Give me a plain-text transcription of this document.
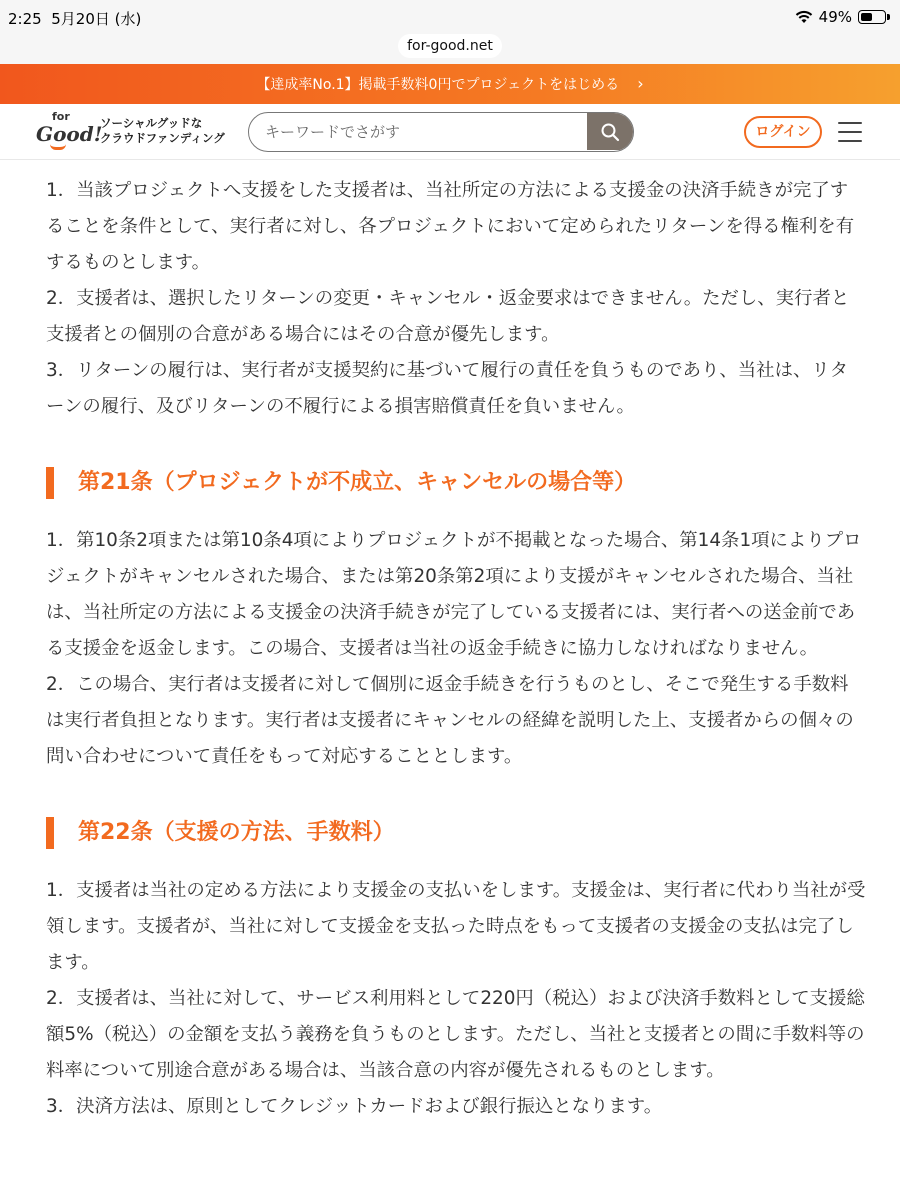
2:25 5月20日 (水)	49%
for-good.net
【達成率No.1】掲載手数料0円でプロジェクトをはじめる ›
for
Good!
ソーシャルグッドな
クラウドファンディング
キーワードでさがす	ログイン

1．当該プロジェクトへ支援をした支援者は、当社所定の方法による支援金の決済手続きが完了することを条件として、実行者に対し、各プロジェクトにおいて定められたリターンを得る権利を有するものとします。

2．支援者は、選択したリターンの変更・キャンセル・返金要求はできません。ただし、実行者と支援者との個別の合意がある場合にはその合意が優先します。

3．リターンの履行は、実行者が支援契約に基づいて履行の責任を負うものであり、当社は、リターンの履行、及びリターンの不履行による損害賠償責任を負いません。

第21条（プロジェクトが不成立、キャンセルの場合等）

1．第10条2項または第10条4項によりプロジェクトが不掲載となった場合、第14条1項によりプロジェクトがキャンセルされた場合、または第20条第2項により支援がキャンセルされた場合、当社は、当社所定の方法による支援金の決済手続きが完了している支援者には、実行者への送金前である支援金を返金します。この場合、支援者は当社の返金手続きに協力しなければなりません。

2．この場合、実行者は支援者に対して個別に返金手続きを行うものとし、そこで発生する手数料は実行者負担となります。実行者は支援者にキャンセルの経緯を説明した上、支援者からの個々の問い合わせについて責任をもって対応することとします。

第22条（支援の方法、手数料）

1．支援者は当社の定める方法により支援金の支払いをします。支援金は、実行者に代わり当社が受領します。支援者が、当社に対して支援金を支払った時点をもって支援者の支援金の支払は完了します。

2．支援者は、当社に対して、サービス利用料として220円（税込）および決済手数料として支援総額5%（税込）の金額を支払う義務を負うものとします。ただし、当社と支援者との間に手数料等の料率について別途合意がある場合は、当該合意の内容が優先されるものとします。

3．決済方法は、原則としてクレジットカードおよび銀行振込となります。
